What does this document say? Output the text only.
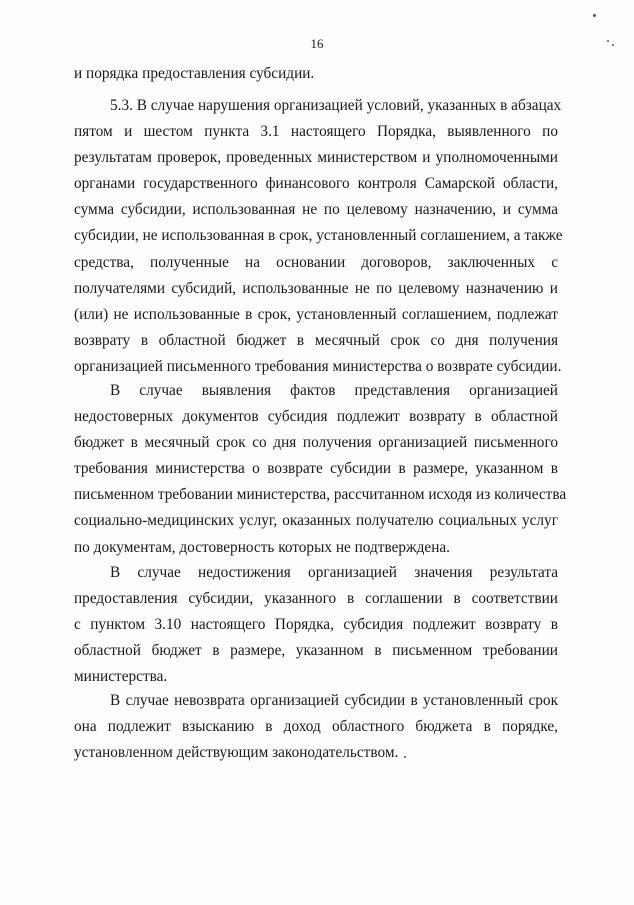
16
и порядка предоставления субсидии.
5.3. В случае нарушения организацией условий, указанных в абзацах
пятом и шестом пункта 3.1 настоящего Порядка, выявленного по
результатам проверок, проведенных министерством и уполномоченными
органами государственного финансового контроля Самарской области,
сумма субсидии, использованная не по целевому назначению, и сумма
субсидии, не использованная в срок, установленный соглашением, а также
средства, полученные на основании договоров, заключенных с
получателями субсидий, использованные не по целевому назначению и
(или) не использованные в срок, установленный соглашением, подлежат
возврату в областной бюджет в месячный срок со дня получения
организацией письменного требования министерства о возврате субсидии.
В случае выявления фактов представления организацией
недостоверных документов субсидия подлежит возврату в областной
бюджет в месячный срок со дня получения организацией письменного
требования министерства о возврате субсидии в размере, указанном в
письменном требовании министерства, рассчитанном исходя из количества
социально-медицинских услуг, оказанных получателю социальных услуг
по документам, достоверность которых не подтверждена.
В случае недостижения организацией значения результата
предоставления субсидии, указанного в соглашении в соответствии
с пунктом 3.10 настоящего Порядка, субсидия подлежит возврату в
областной бюджет в размере, указанном в письменном требовании
министерства.
В случае невозврата организацией субсидии в установленный срок
она подлежит взысканию в доход областного бюджета в порядке,
установленном действующим законодательством.
